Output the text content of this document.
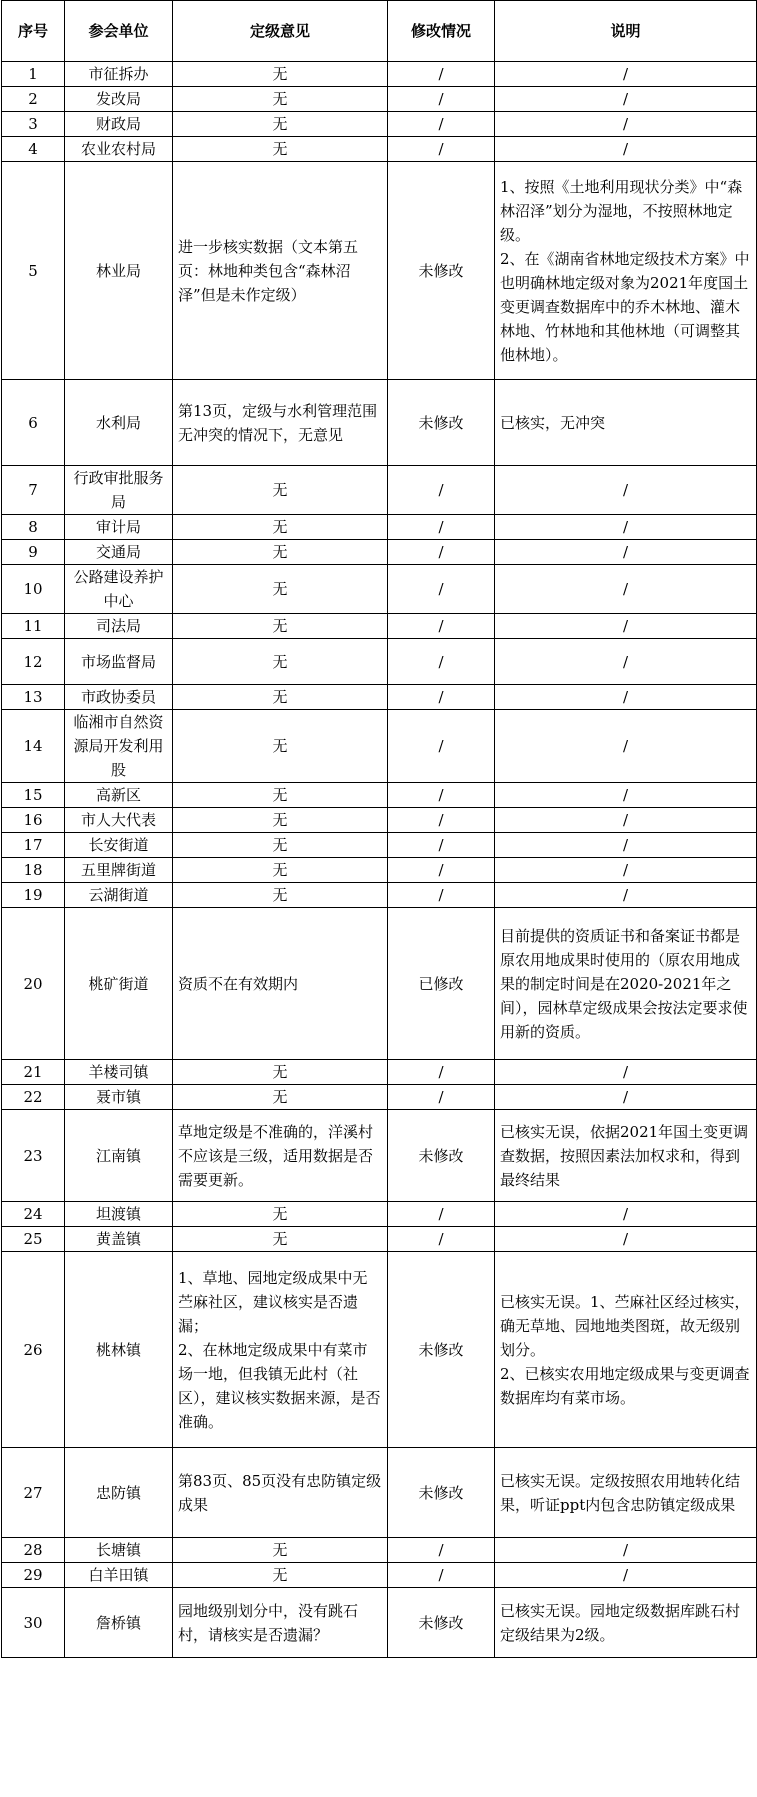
序号	参会单位	定级意见	修改情况	说明
1	市征拆办	无	/	/
2	发改局	无	/	/
3	财政局	无	/	/
4	农业农村局	无	/	/
5	林业局	进一步核实数据（文本第五页：林地种类包含“森林沼泽”但是未作定级）	未修改	1、按照《土地利用现状分类》中“森林沼泽”划分为湿地，不按照林地定级。
2、在《湖南省林地定级技术方案》中也明确林地定级对象为2021年度国土变更调查数据库中的乔木林地、灌木林地、竹林地和其他林地（可调整其他林地）。
6	水利局	第13页，定级与水利管理范围无冲突的情况下，无意见	未修改	已核实，无冲突
7	行政审批服务局	无	/	/
8	审计局	无	/	/
9	交通局	无	/	/
10	公路建设养护中心	无	/	/
11	司法局	无	/	/
12	市场监督局	无	/	/
13	市政协委员	无	/	/
14	临湘市自然资源局开发利用股	无	/	/
15	高新区	无	/	/
16	市人大代表	无	/	/
17	长安街道	无	/	/
18	五里牌街道	无	/	/
19	云湖街道	无	/	/
20	桃矿街道	资质不在有效期内	已修改	目前提供的资质证书和备案证书都是原农用地成果时使用的（原农用地成果的制定时间是在2020-2021年之间），园林草定级成果会按法定要求使用新的资质。
21	羊楼司镇	无	/	/
22	聂市镇	无	/	/
23	江南镇	草地定级是不准确的，洋溪村不应该是三级，适用数据是否需要更新。	未修改	已核实无误，依据2021年国土变更调查数据，按照因素法加权求和，得到最终结果
24	坦渡镇	无	/	/
25	黄盖镇	无	/	/
26	桃林镇	1、草地、园地定级成果中无苎麻社区，建议核实是否遗漏；
2、在林地定级成果中有菜市场一地，但我镇无此村（社区），建议核实数据来源，是否准确。	未修改	已核实无误。1、苎麻社区经过核实，确无草地、园地地类图斑，故无级别划分。
2、已核实农用地定级成果与变更调查数据库均有菜市场。
27	忠防镇	第83页、85页没有忠防镇定级成果	未修改	已核实无误。定级按照农用地转化结果，听证ppt内包含忠防镇定级成果
28	长塘镇	无	/	/
29	白羊田镇	无	/	/
30	詹桥镇	园地级别划分中，没有跳石村，请核实是否遗漏？	未修改	已核实无误。园地定级数据库跳石村定级结果为2级。
